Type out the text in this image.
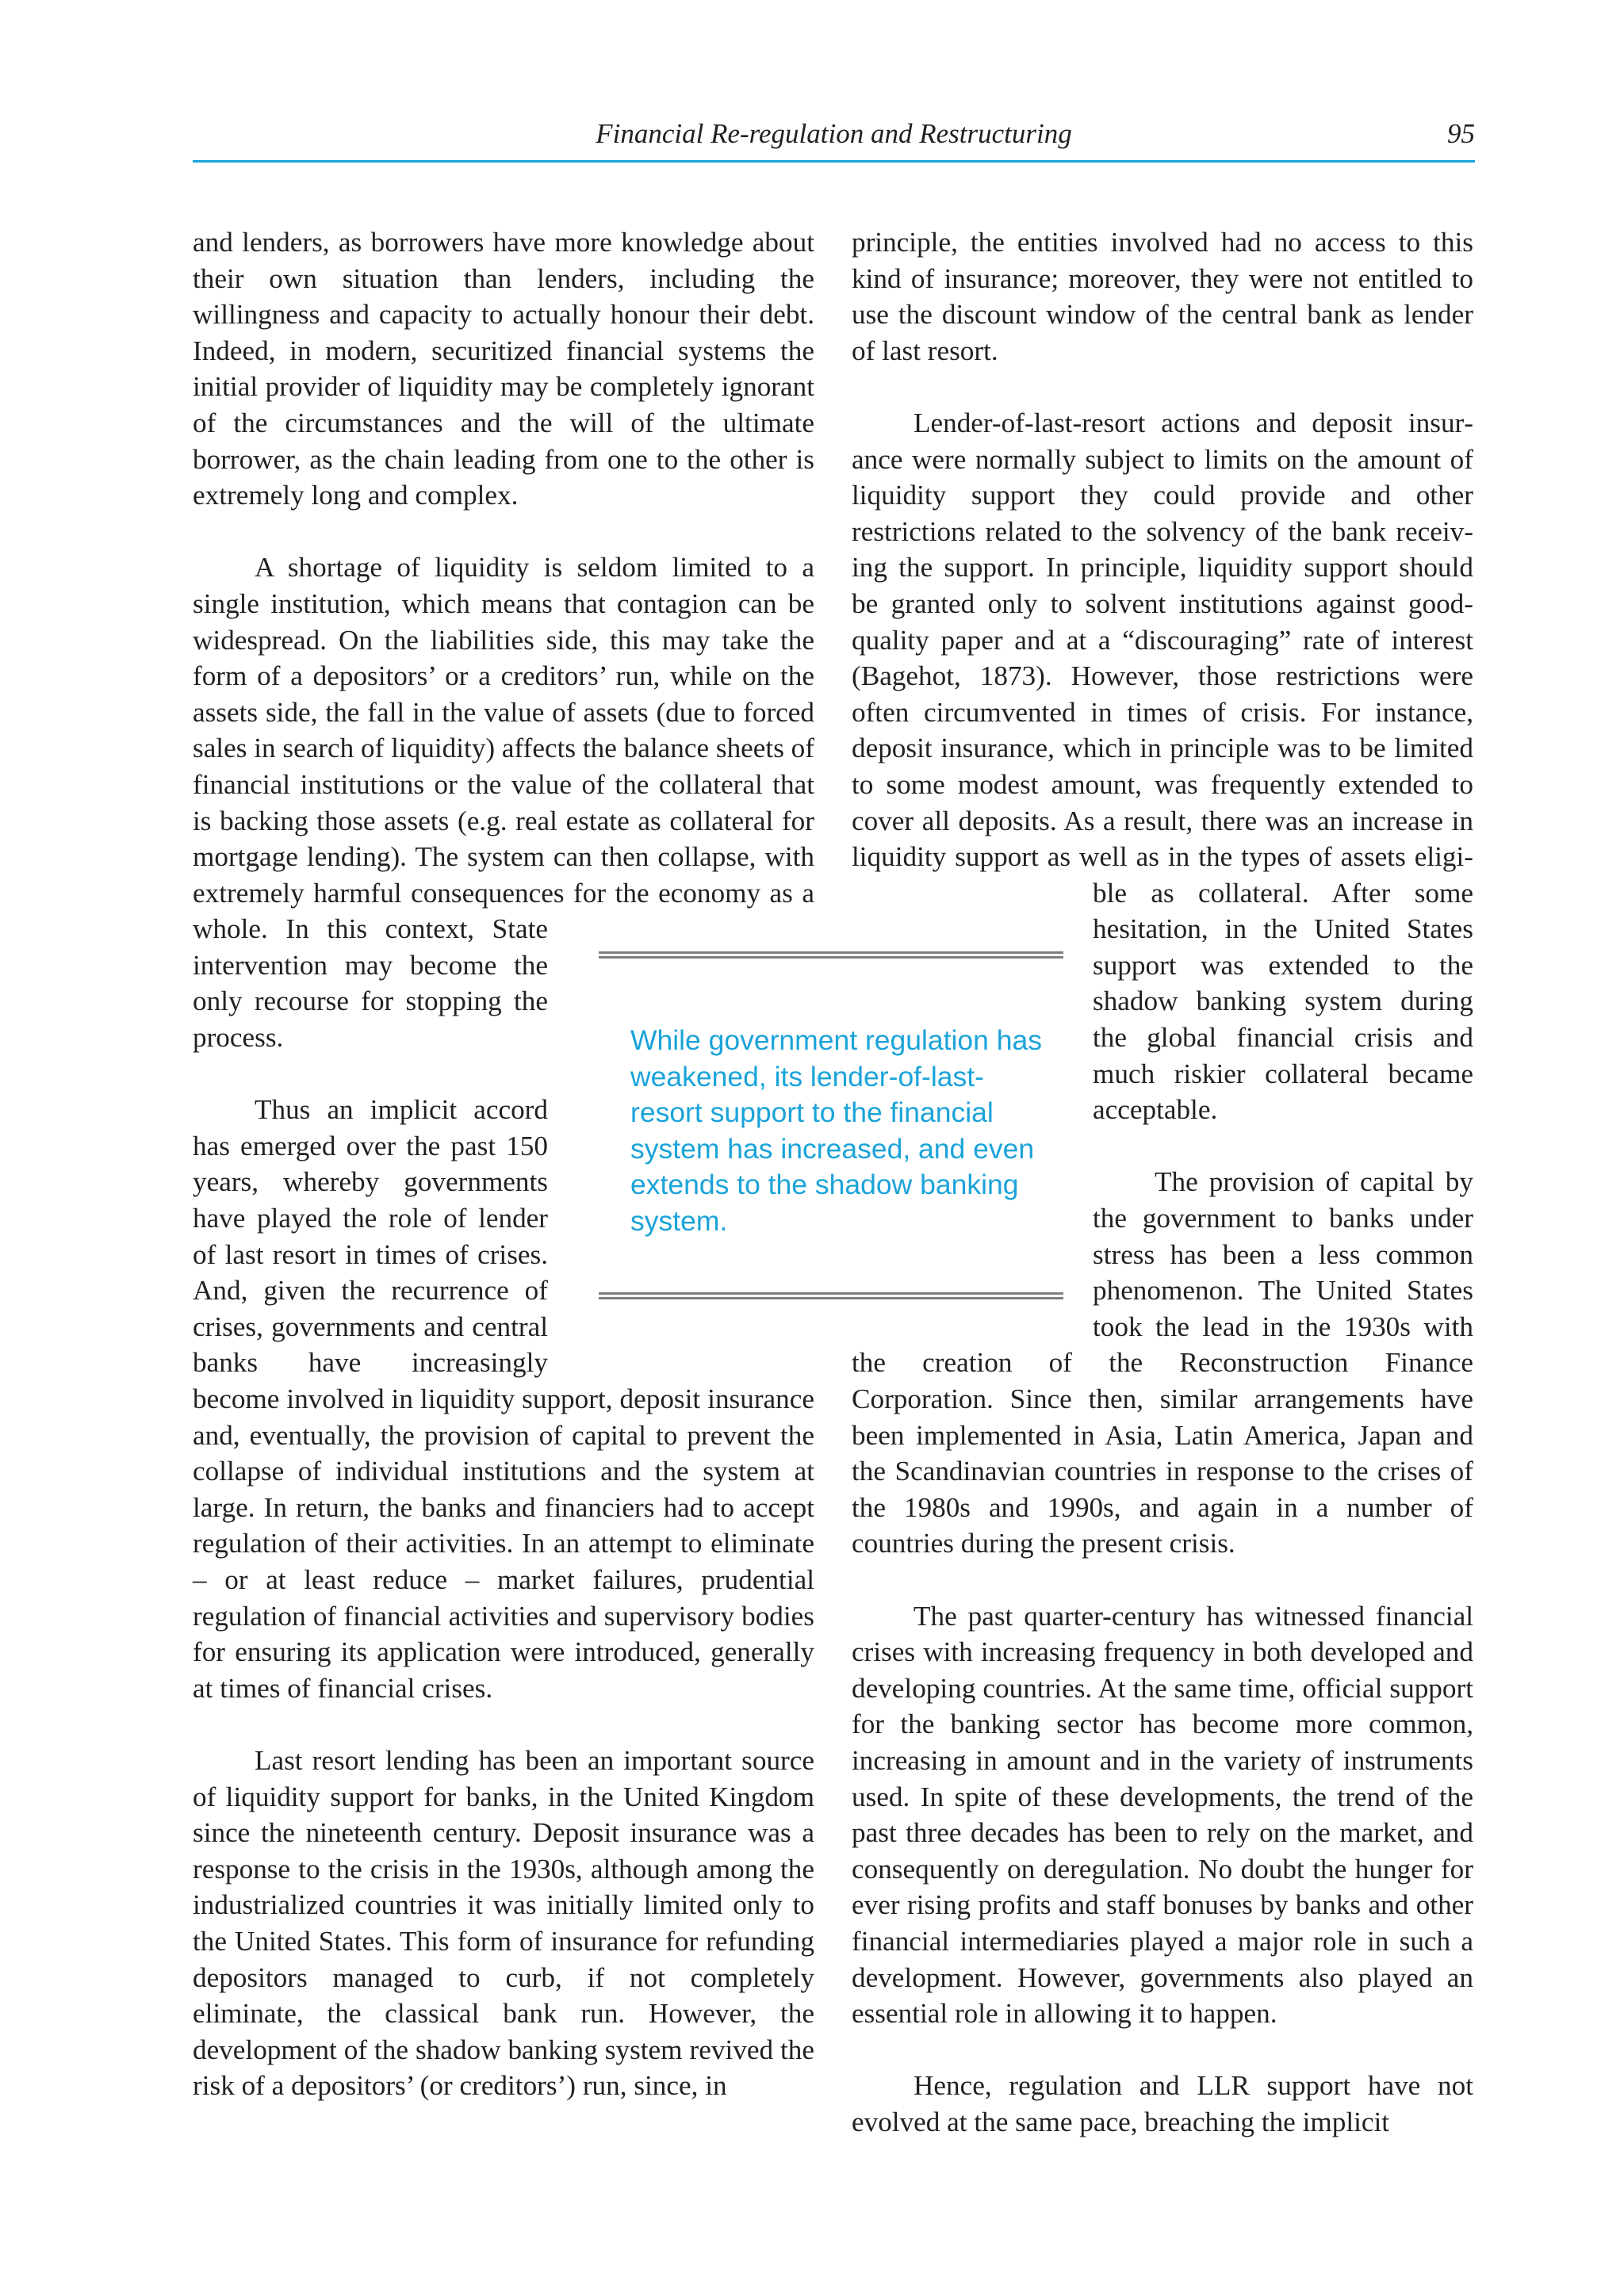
Financial Re-regulation and Restructuring	95

and lenders, as borrowers have more knowledge about their own situation than lenders, including the willingness and capacity to actually honour their debt. Indeed, in modern, securitized financial systems the initial provider of liquidity may be completely ignorant of the circumstances and the will of the ultimate borrower, as the chain leading from one to the other is extremely long and complex.

A shortage of liquidity is seldom limited to a single institution, which means that contagion can be widespread. On the liabilities side, this may take the form of a depositors’ or a creditors’ run, while on the assets side, the fall in the value of assets (due to forced sales in search of liquidity) affects the balance sheets of financial institutions or the value of the collateral that is backing those assets (e.g. real estate as collateral for mortgage lending). The system can then collapse, with extremely harmful consequences for the economy as a whole. In this context, State intervention may become the only recourse for stopping the process.

Thus an implicit accord has emerged over the past 150 years, whereby governments have played the role of lender of last resort in times of crises. And, given the recurrence of crises, governments and central banks have increasingly become involved in liquidity support, deposit insurance and, eventually, the provision of capital to prevent the collapse of individual institutions and the system at large. In return, the banks and financiers had to accept regulation of their activities. In an attempt to eliminate – or at least reduce – market failures, prudential regulation of financial activities and supervisory bodies for ensuring its application were introduced, generally at times of financial crises.

Last resort lending has been an important source of liquidity support for banks, in the United Kingdom since the nineteenth century. Deposit insurance was a response to the crisis in the 1930s, although among the industrialized countries it was initially limited only to the United States. This form of insurance for refunding depositors managed to curb, if not completely eliminate, the classical bank run. However, the development of the shadow banking system revived the risk of a depositors’ (or creditors’) run, since, in

principle, the entities involved had no access to this kind of insurance; moreover, they were not entitled to use the discount window of the central bank as lender of last resort.

Lender-of-last-resort actions and deposit insurance were normally subject to limits on the amount of liquidity support they could provide and other restrictions related to the solvency of the bank receiving the support. In principle, liquidity support should be granted only to solvent institutions against good-quality paper and at a “discouraging” rate of interest (Bagehot, 1873). However, those restrictions were often circumvented in times of crisis. For instance, deposit insurance, which in principle was to be limited to some modest amount, was frequently extended to cover all deposits. As a result, there was an increase in liquidity support as well as in the types of assets eligible as collateral. After some hesitation, in the United States support was extended to the shadow banking system during the global financial crisis and much riskier collateral became acceptable.

The provision of capital by the government to banks under stress has been a less common phenomenon. The United States took the lead in the 1930s with the creation of the Reconstruction Finance Corporation. Since then, similar arrangements have been implemented in Asia, Latin America, Japan and the Scandinavian countries in response to the crises of the 1980s and 1990s, and again in a number of countries during the present crisis.

The past quarter-century has witnessed financial crises with increasing frequency in both developed and developing countries. At the same time, official support for the banking sector has become more common, increasing in amount and in the variety of instruments used. In spite of these developments, the trend of the past three decades has been to rely on the market, and consequently on deregulation. No doubt the hunger for ever rising profits and staff bonuses by banks and other financial intermediaries played a major role in such a development. However, governments also played an essential role in allowing it to happen.

Hence, regulation and LLR support have not evolved at the same pace, breaching the implicit

While government regulation has weakened, its lender-of-last-resort support to the financial system has increased, and even extends to the shadow banking system.
